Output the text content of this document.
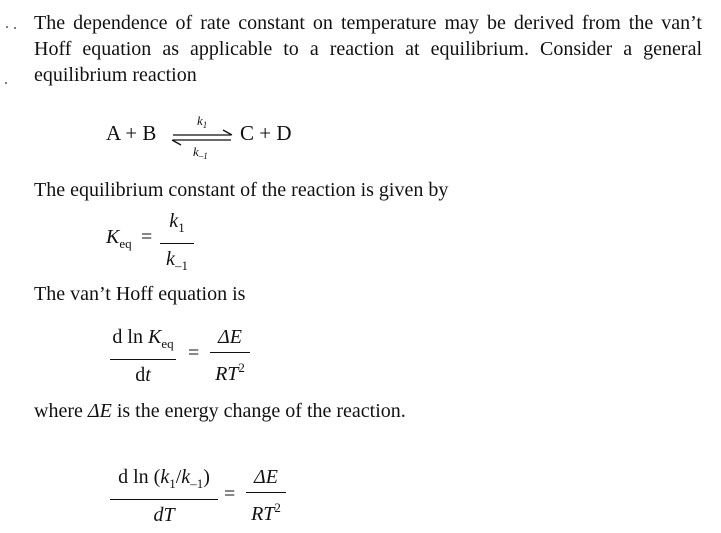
The dependence of rate constant on temperature may be derived from the van’t Hoff equation as applicable to a reaction at equilibrium. Consider a general equilibrium reaction

A + B
$k_1$
$k_{-1}$
C + D
The equilibrium constant of the reaction is given by
$K_{eq}$ =
$k_1$
$k_{-1}$
The van’t Hoff equation is
d $\ln K_{eq}$
dt
=
ΔE
$RT^2$
where ΔE is the energy change of the reaction.
d $\ln (k_1/k_{-1})$
dT
=
ΔE
$RT^2$
